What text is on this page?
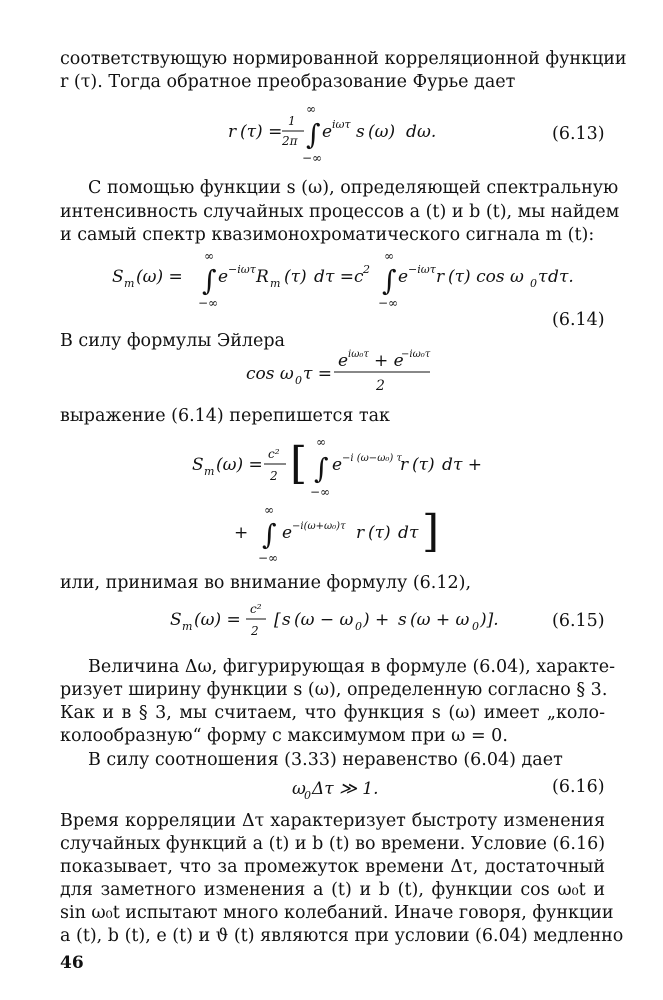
соответствующую нормированной корреляционной функции
r (τ). Тогда обратное преобразование Фурье дает
r (τ) =
1
2π
∞
∫
−∞
e iωτ s (ω) d ω.	(6.13)
С помощью функции s (ω), определяющей спектральную
интенсивность случайных процессов a (t) и b (t), мы найдем
и самый спектр квазимонохроматического сигнала m (t):
S m (ω) =
∞
∫
−∞
e −iωτ R m (τ) d τ = c 2
∞
∫
−∞
e −iωτ r (τ) cos ω 0 τ d τ.
(6.14)
В силу формулы Эйлера
cos ω 0 τ =
e iω₀τ + e
−iω₀τ
2
выражение (6.14) перепишется так
S m (ω) =
c²
2 [ ∞
∫
−∞
e −i (ω−ω₀) τ
r (τ) d τ +
+
∞
∫
−∞
e −i(ω+ω₀)τ r (τ) d τ ]
или, принимая во внимание формулу (6.12),
S m (ω) =
c²
2
[ s (ω − ω 0 ) + s (ω + ω 0 )].	(6.15)
Величина Δω, фигурирующая в формуле (6.04), характе-
ризует ширину функции s (ω), определенную согласно § 3.
Как и в § 3, мы считаем, что функция s (ω) имеет „коло-
колообразную“ форму с максимумом при ω = 0.
В силу соотношения (3.33) неравенство (6.04) дает
ω
0 Δτ ≫ 1.	(6.16)
Время корреляции Δτ характеризует быстроту изменения
случайных функций a (t) и b (t) во времени. Условие (6.16)
показывает, что за промежуток времени Δτ, достаточный
для заметного изменения a (t) и b (t), функции cos ω₀t и
sin ω₀t испытают много колебаний. Иначе говоря, функции
a (t), b (t), e (t) и ϑ (t) являются при условии (6.04) медленно
46
